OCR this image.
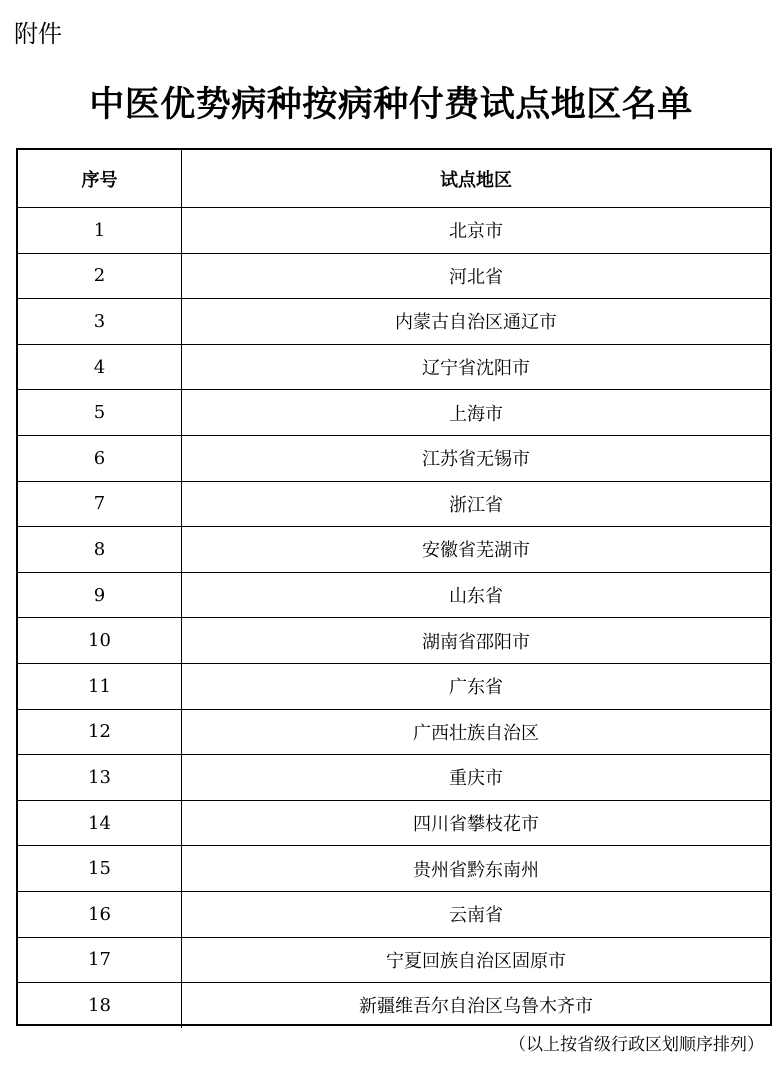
附件
中医优势病种按病种付费试点地区名单
序号	试点地区
1	北京市
2	河北省
3	内蒙古自治区通辽市
4	辽宁省沈阳市
5	上海市
6	江苏省无锡市
7	浙江省
8	安徽省芜湖市
9	山东省
10	湖南省邵阳市
11	广东省
12	广西壮族自治区
13	重庆市
14	四川省攀枝花市
15	贵州省黔东南州
16	云南省
17	宁夏回族自治区固原市
18	新疆维吾尔自治区乌鲁木齐市
（以上按省级行政区划顺序排列）
